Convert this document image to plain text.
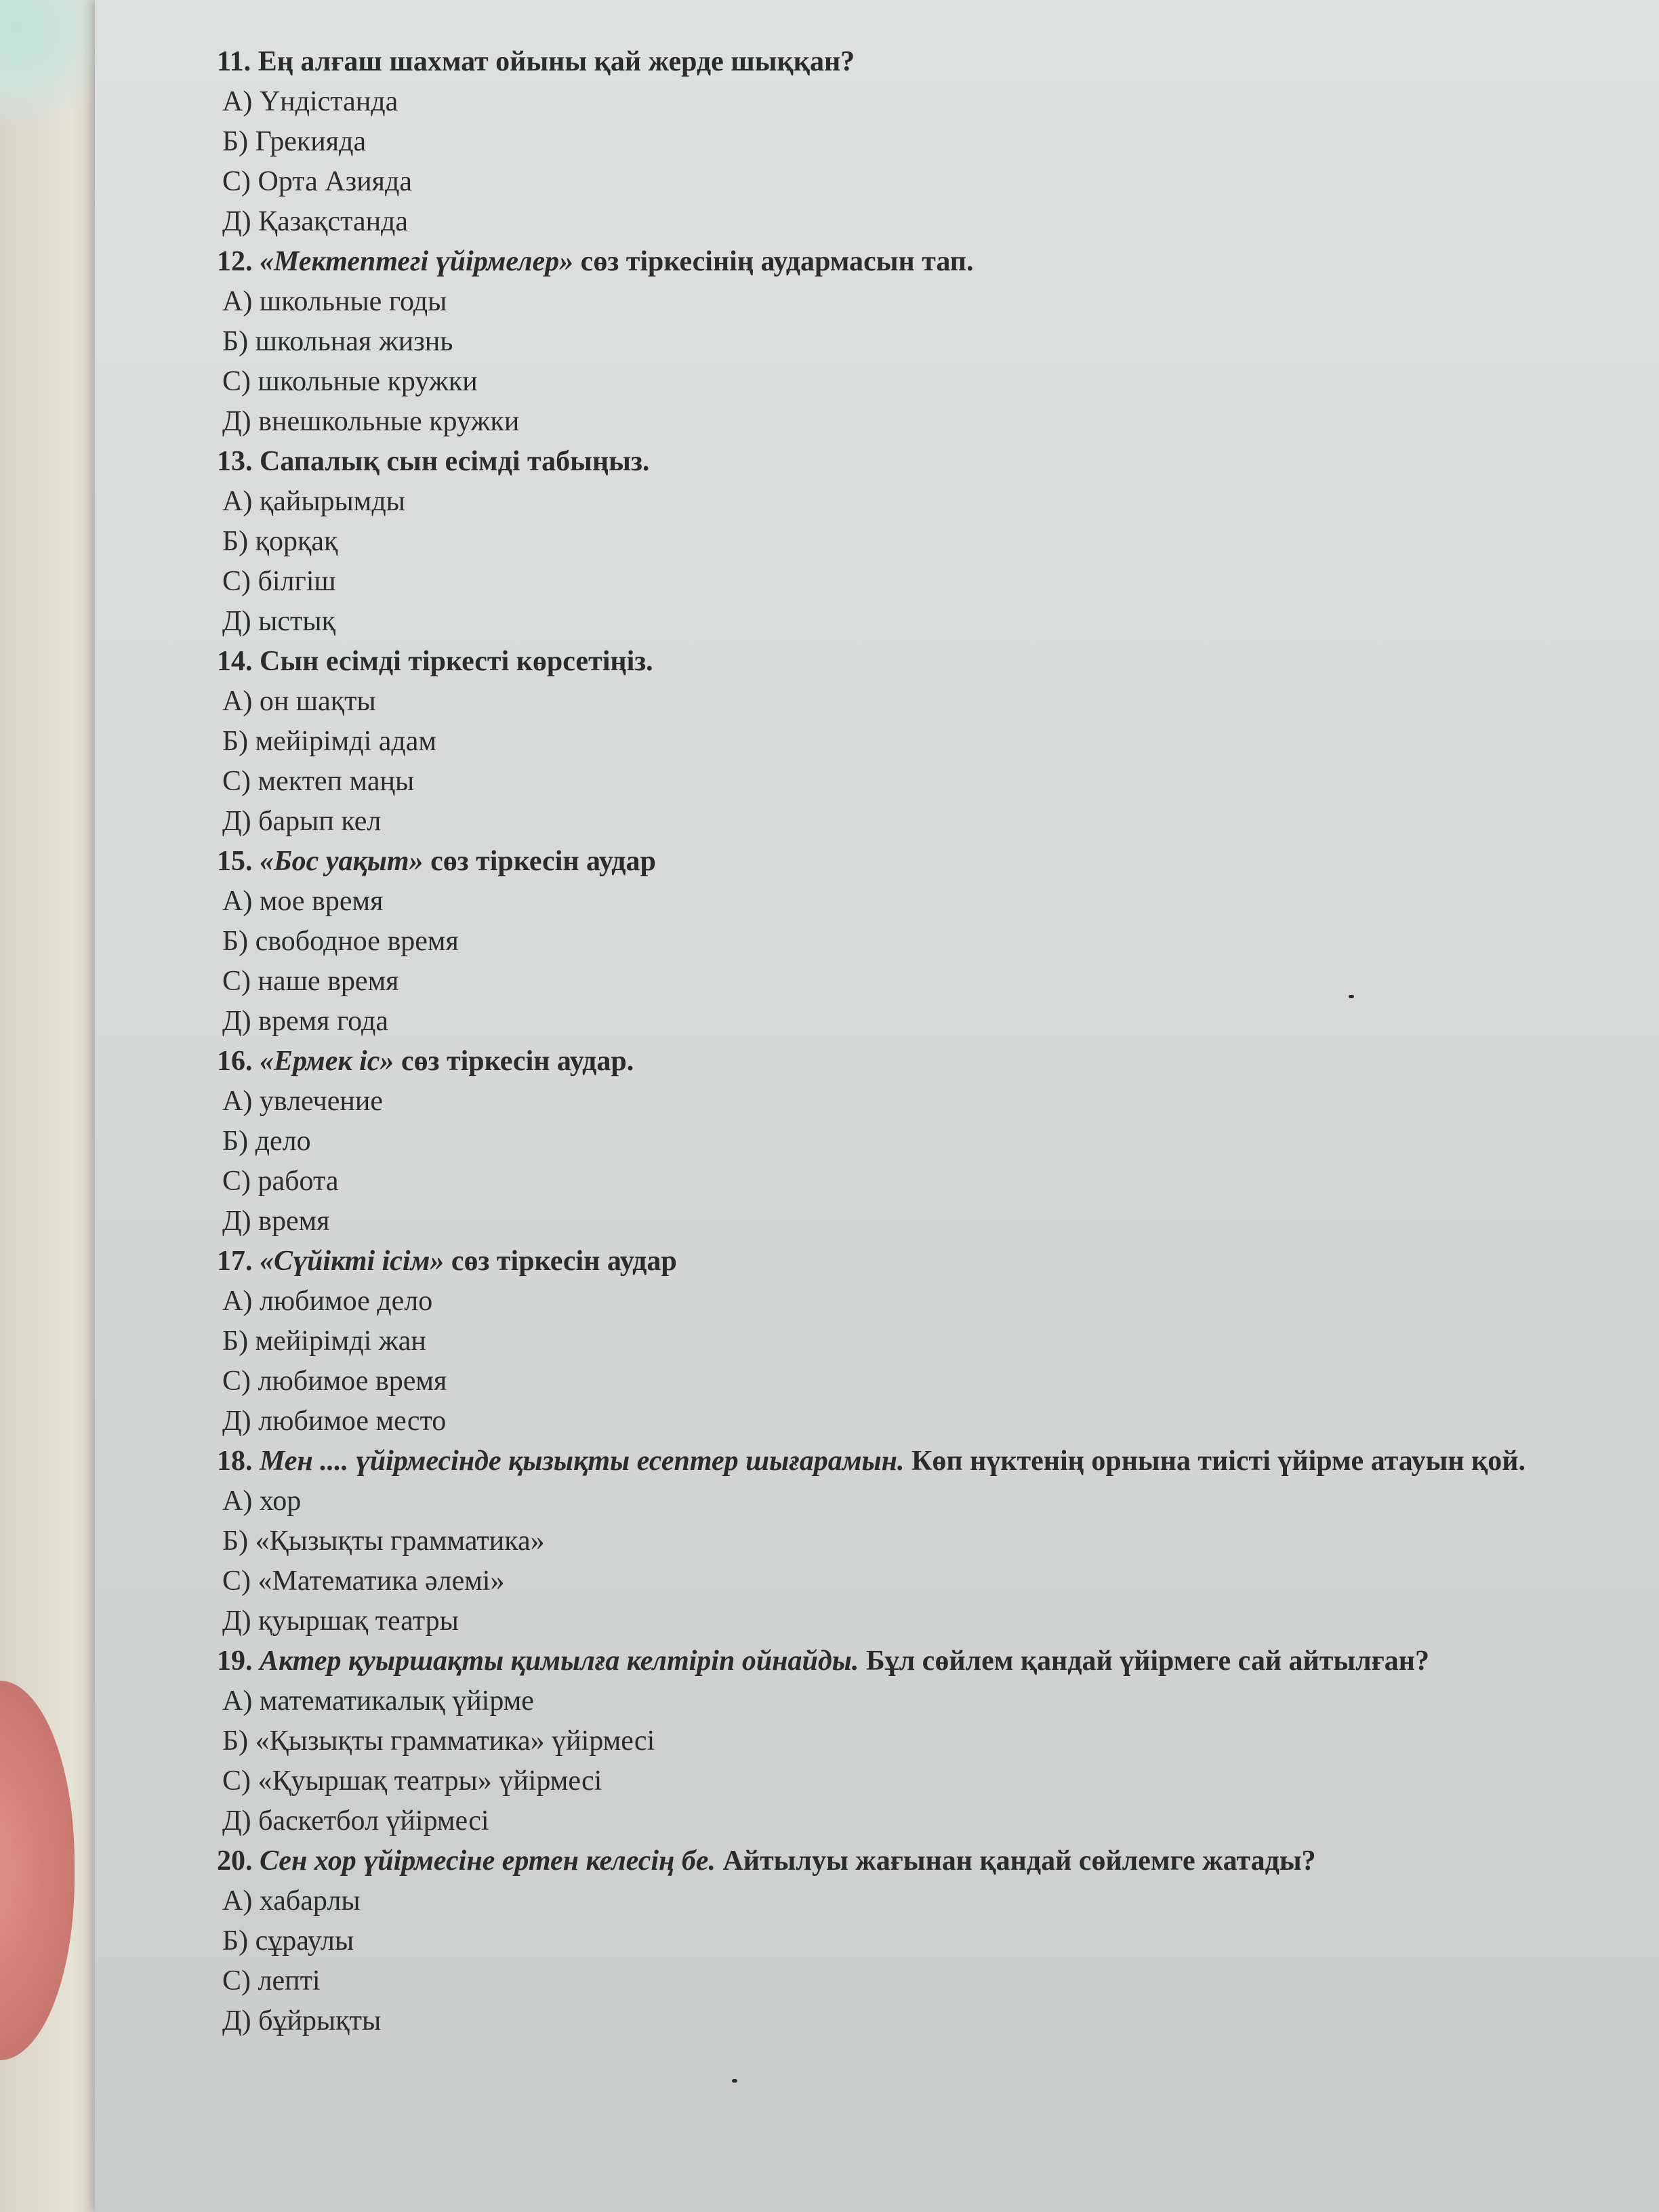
11. Ең алғаш шахмат ойыны қай жерде шыққан?
А) Үндістанда
Б) Грекияда
С) Орта Азияда
Д) Қазақстанда
12. «Мектептегі үйірмелер» сөз тіркесінің аудармасын тап.
А) школьные годы
Б) школьная жизнь
С) школьные кружки
Д) внешкольные кружки
13. Сапалық сын есімді табыңыз.
А) қайырымды
Б) қорқақ
С) білгіш
Д) ыстық
14. Сын есімді тіркесті көрсетіңіз.
А) он шақты
Б) мейірімді адам
С) мектеп маңы
Д) барып кел
15. «Бос уақыт» сөз тіркесін аудар
А) мое время
Б) свободное время
С) наше время
Д) время года
16. «Ермек іс» сөз тіркесін аудар.
А) увлечение
Б) дело
С) работа
Д) время
17. «Сүйікті ісім» сөз тіркесін аудар
А) любимое дело
Б) мейірімді жан
С) любимое время
Д) любимое место
18. Мен .... үйірмесінде қызықты есептер шығарамын. Көп нүктенің орнына тиісті үйірме атауын қой.
А) хор
Б) «Қызықты грамматика»
С) «Математика әлемі»
Д) қуыршақ театры
19. Актер қуыршақты қимылға келтіріп ойнайды. Бұл сөйлем қандай үйірмеге сай айтылған?
А) математикалық үйірме
Б) «Қызықты грамматика» үйірмесі
С) «Қуыршақ театры» үйірмесі
Д) баскетбол үйірмесі
20. Сен хор үйірмесіне ертен келесің бе. Айтылуы жағынан қандай сөйлемге жатады?
А) хабарлы
Б) сұраулы
С) лепті
Д) бұйрықты
